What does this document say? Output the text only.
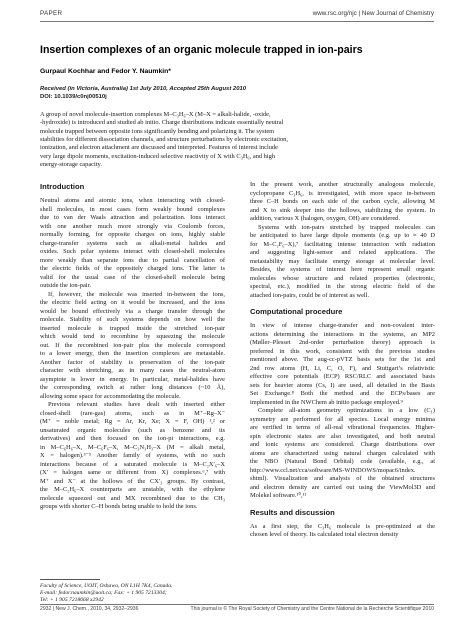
PAPER	www.rsc.org/njc | New Journal of Chemistry
Insertion complexes of an organic molecule trapped in ion-pairs
Gurpaul Kochhar and Fedor Y. Naumkin*
Received (in Victoria, Australia) 1st July 2010, Accepted 25th August 2010
DOI: 10.1039/c0nj00510j
A group of novel molecule-insertion complexes M–C₃H₆–X (M–X = alkali-halide, -oxide,
-hydroxide) is introduced and studied ab initio. Charge distributions indicate essentially neutral
molecule trapped between opposite ions significantly bending and polarizing it. The system
stabilities for different dissociation channels, and structure perturbations by electronic excitation,
ionization, and electron attachment are discussed and interpreted. Features of interest include
very large dipole moments, excitation-induced selective reactivity of X with C₃H₆, and high
energy-storage capacity.
Introduction
Neutral atoms and atomic ions, when interacting with closed-
shell molecules, in most cases form weakly bound complexes
due to van der Waals attraction and polarization. Ions interact
with one another much more strongly via Coulomb forces,
normally forming, for opposite charges on ions, highly stable
charge-transfer systems such as alkali-metal halides and
oxides. Such polar systems interact with closed-shell molecules
more weakly than separate ions due to partial cancellation of
the electric fields of the oppositely charged ions. The latter is
valid for the usual case of the closed-shell molecule being
outside the ion-pair.
If, however, the molecule was inserted in-between the ions,
the electric field acting on it would be increased, and the ions
would be bound effectively via a charge transfer through the
molecule. Stability of such systems depends on how well the
inserted molecule is trapped inside the stretched ion-pair
which would tend to recombine by squeezing the molecule
out. If the recombined ion-pair plus the molecule correspond
to a lower energy, then the insertion complexes are metastable.
Another factor of stability is preservation of the ion-pair
character with stretching, as in many cases the neutral-atom
asymptote is lower in energy. In particular, metal-halides have
the corresponding switch at rather long distances (~10 Å),
allowing some space for accommodating the molecule.
Previous relevant studies have dealt with inserted either
closed-shell (rare-gas) atoms, such as in M⁺–Rg–X⁻
(M⁺ = noble metal; Rg = Ar, Kr, Xe; X = F, OH) ¹,² or
unsaturated organic molecules (such as benzene and its
derivatives) and then focused on the ion-pi interactions, e.g.
in M–C₆H₆–X, M–C₆F₆–X, M–C₃N₃H₃–X (M = alkali metal,
X = halogen).³⁻⁵ Another family of systems, with no such
interactions because of a saturated molecule is M–C₂X′₆–X
(X′ = halogen same or different from X) complexes.⁶,⁷ with
M⁺ and X⁻ at the hollows of the CX′₃ groups. By contrast,
the M–C₂H₆–X counterparts are unstable, with the ethylene
molecule squeezed out and MX recombined due to the CH₃
groups with shorter C–H bonds being unable to hold the ions.
In the present work, another structurally analogous molecule,
cyclopropane C₃H₆, is investigated, with more space in-between
three C–H bonds on each side of the carbon cycle, allowing M
and X to sink deeper into the hollows, stabilizing the system. In
addition, various X (halogen, oxygen, OH) are considered.
Systems with ion-pairs stretched by trapped molecules can
be anticipated to have large dipole moments (e.g. up to ≈ 40 D
for M–C₂F₆–X),⁷ facilitating intense interaction with radiation
and suggesting light-sensor and related applications. The
metastability may facilitate energy storage at molecular level.
Besides, the systems of interest here represent small organic
molecules whose structure and related properties (electronic,
spectral, etc.), modified in the strong electric field of the
attached ion-pairs, could be of interest as well.
Computational procedure
In view of intense charge-transfer and non-covalent inter-
actions determining the interactions in the systems, an MP2
(Møller–Plesset 2nd-order perturbation theory) approach is
preferred in this work, consistent with the previous studies
mentioned above. The aug-cc-pVTZ basis sets for the 1st and
2nd row atoms (H, Li, C, O, F), and Stuttgart’s relativistic
effective core potentials (ECP) RSC/RLC and associated basis
sets for heavier atoms (Cs, I) are used, all detailed in the Basis
Set Exchange.⁸ Both the method and the ECPs/bases are
implemented in the NWChem ab initio package employed.⁹
Complete all-atom geometry optimizations in a low (C₁)
symmetry are performed for all species. Local energy minima
are verified in terms of all-real vibrational frequencies. Higher-
spin electronic states are also investigated, and both neutral
and ionic systems are considered. Charge distributions over
atoms are characterized using natural charges calculated with
the NBO (Natural Bond Orbital) code (available, e.g., at
http://www.ccl.net/cca/software/MS-WINDOWS/mopac6/index.
shtml). Visualization and analysis of the obtained structures
and electron density are carried out using the ViewMol3D and
Molekel software.¹⁰,¹¹
Results and discussion
As a first step, the C₃H₆ molecule is pre-optimized at the
chosen level of theory. Its calculated total electron density
Faculty of Science, UOIT, Oshawa, ON L1H 7K4, Canada.
E-mail: fedor.naumkin@uoit.ca; Fax: + 1 905 7213304;
Tel: + 1 905 7218668 x2942
2932 | New J. Chem., 2010, 34, 2932–2936	This journal is © The Royal Society of Chemistry and the Centre National de la Recherche Scientifique 2010
